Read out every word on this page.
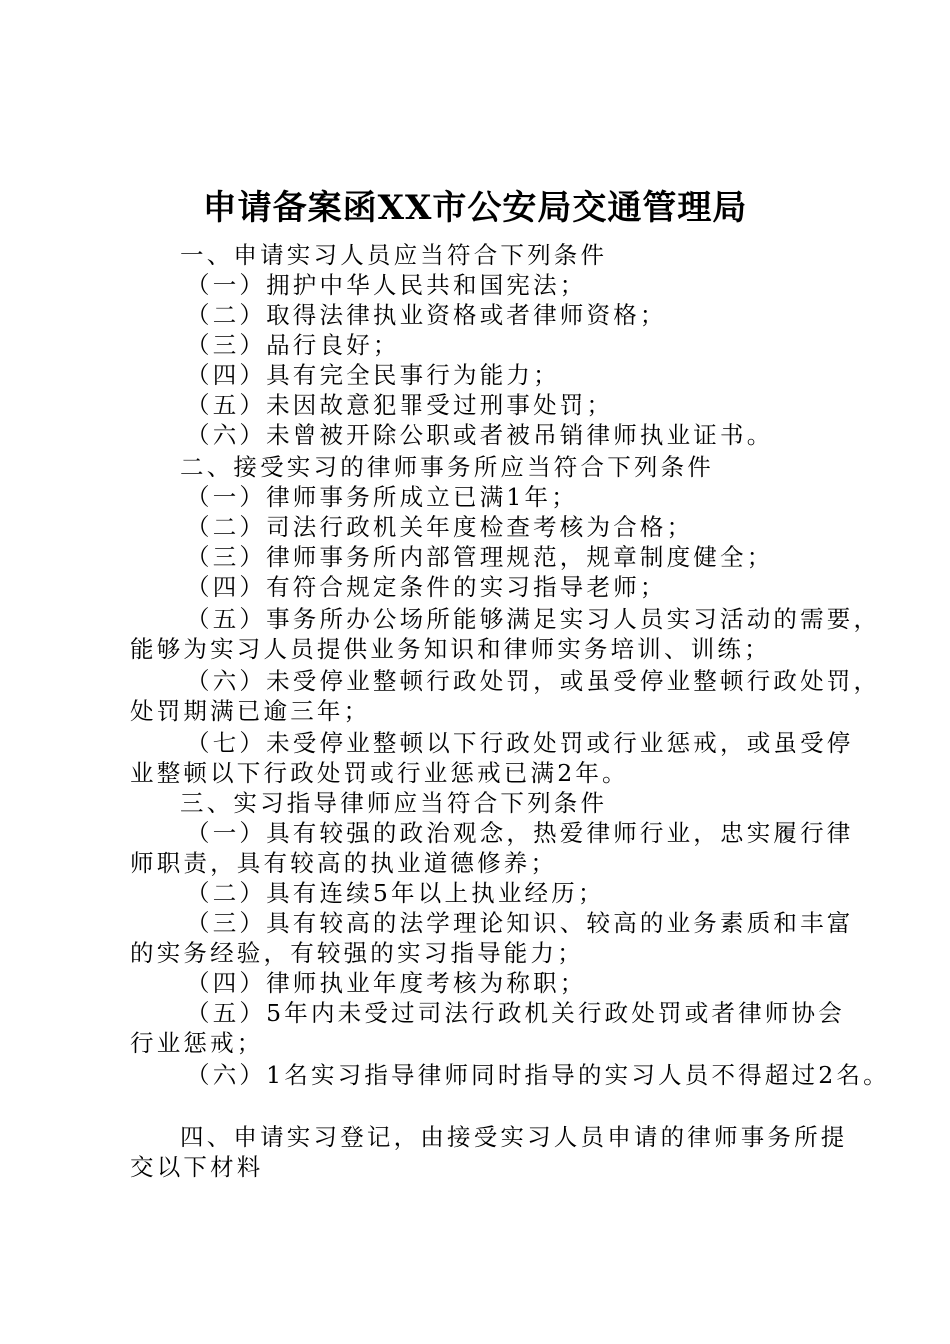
申请备案函XX市公安局交通管理局
一、申请实习人员应当符合下列条件
（一）拥护中华人民共和国宪法；
（二）取得法律执业资格或者律师资格；
（三）品行良好；
（四）具有完全民事行为能力；
（五）未因故意犯罪受过刑事处罚；
（六）未曾被开除公职或者被吊销律师执业证书。
二、接受实习的律师事务所应当符合下列条件
（一）律师事务所成立已满1年；
（二）司法行政机关年度检查考核为合格；
（三）律师事务所内部管理规范，规章制度健全；
（四）有符合规定条件的实习指导老师；
（五）事务所办公场所能够满足实习人员实习活动的需要，
能够为实习人员提供业务知识和律师实务培训、训练；
（六）未受停业整顿行政处罚，或虽受停业整顿行政处罚，
处罚期满已逾三年；
（七）未受停业整顿以下行政处罚或行业惩戒，或虽受停
业整顿以下行政处罚或行业惩戒已满2年。
三、实习指导律师应当符合下列条件
（一）具有较强的政治观念，热爱律师行业，忠实履行律
师职责，具有较高的执业道德修养；
（二）具有连续5年以上执业经历；
（三）具有较高的法学理论知识、较高的业务素质和丰富
的实务经验，有较强的实习指导能力；
（四）律师执业年度考核为称职；
（五）5年内未受过司法行政机关行政处罚或者律师协会
行业惩戒；
（六）1名实习指导律师同时指导的实习人员不得超过2名。
四、申请实习登记，由接受实习人员申请的律师事务所提
交以下材料
